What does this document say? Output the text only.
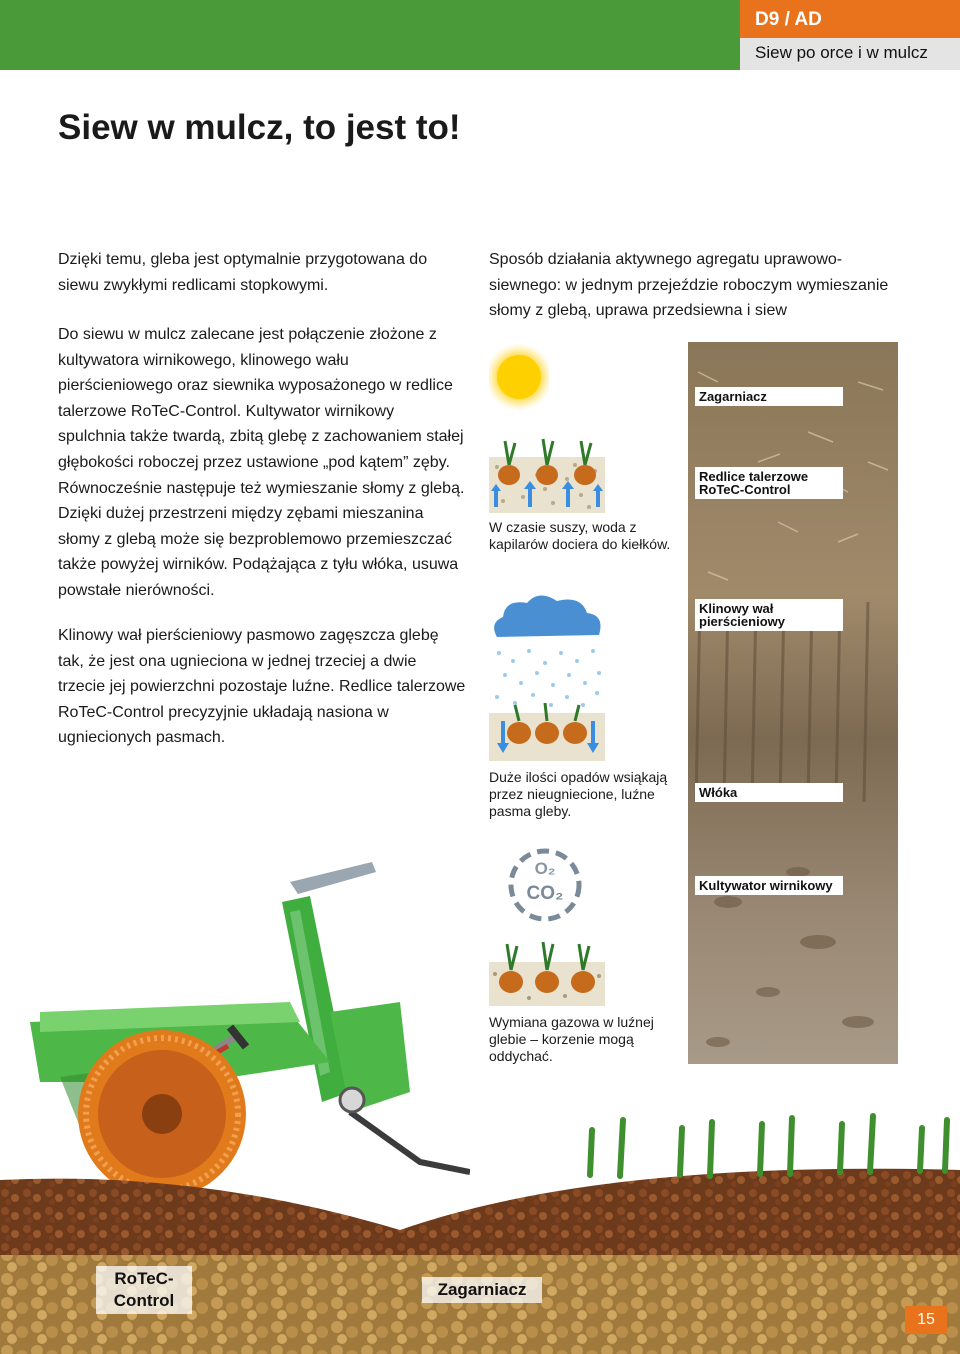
D9 / AD
Siew po orce i w mulcz
Siew w mulcz, to jest to!

Dzięki temu, gleba jest optymalnie przygotowana do siewu zwykłymi redlicami stopkowymi.

Do siewu w mulcz zalecane jest połączenie złożone z kultywatora wirnikowego, klinowego wału pierścieniowego oraz siewnika wyposażonego w redlice talerzowe RoTeC-Control. Kultywator wirnikowy spulchnia także twardą, zbitą glebę z zachowaniem stałej głębokości roboczej przez ustawione „pod kątem” zęby. Równocześnie następuje też wymieszanie słomy z glebą. Dzięki dużej przestrzeni między zębami mieszanina słomy z glebą może się bezproblemowo przemieszczać także powyżej wirników. Podążająca z tyłu włóka, usuwa powstałe nierówności.

Klinowy wał pierścieniowy pasmowo zagęszcza glebę tak, że jest ona ugnieciona w jednej trzeciej a dwie trzecie jej powierzchni pozostaje luźne. Redlice talerzowe RoTeC-Control precyzyjnie układają nasiona w ugniecionych pasmach.

Sposób działania aktywnego agregatu uprawowo-siewnego: w jednym przejeździe roboczym wymieszanie słomy z glebą, uprawa przedsiewna i siew

W czasie suszy, woda z kapilarów dociera do kiełków.

Duże ilości opadów wsiąkają przez nieugniecione, luźne pasma gleby.

O₂
CO₂

Wymiana gazowa w luźnej glebie – korzenie mogą oddychać.

Zagarniacz
Redlice talerzowe RoTeC-Control
Klinowy wał pierścieniowy
Włóka
Kultywator wirnikowy
RoTeC-
Control
Zagarniacz
15
